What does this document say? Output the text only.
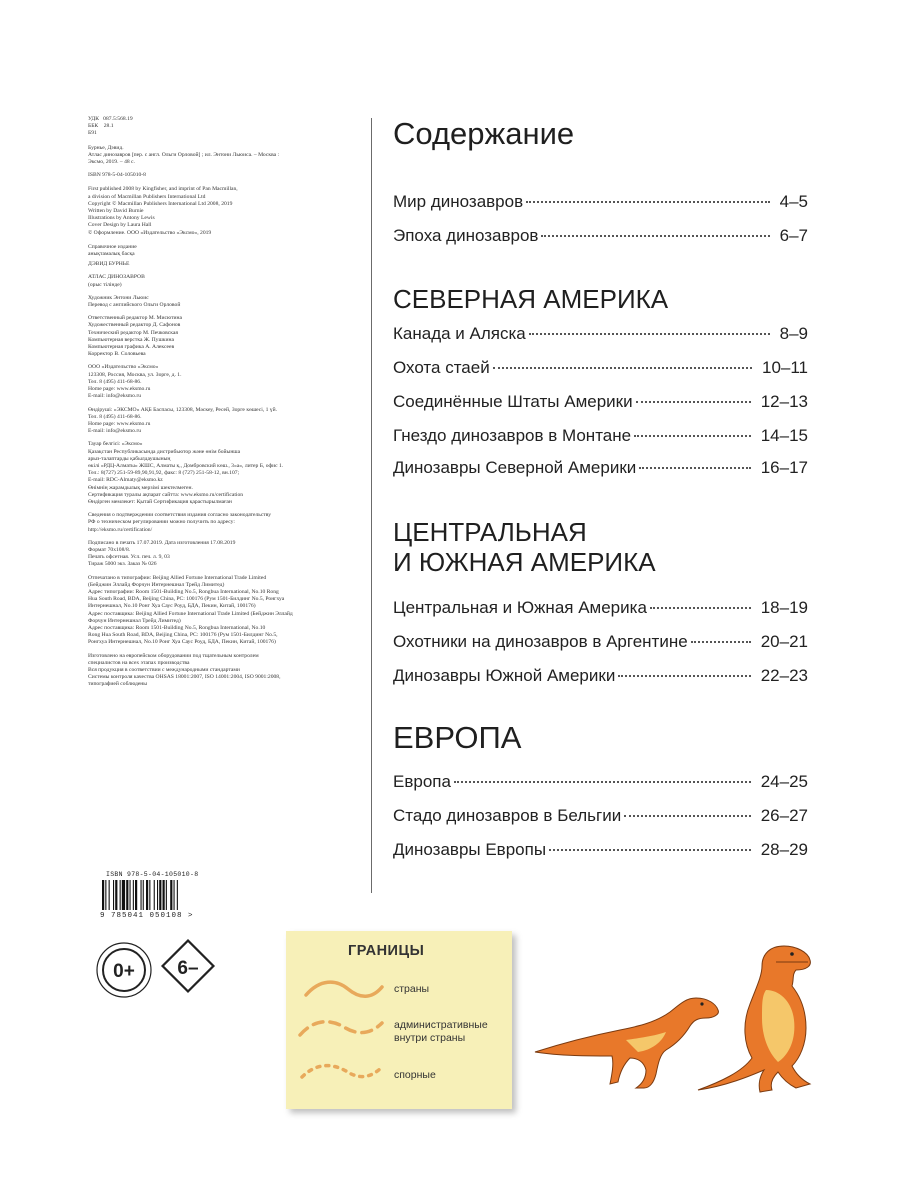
УДК 087.5:568.19
ББК 28.1
Б91
Бурнье, Дэвид.
Атлас динозавров [пер. с англ. Ольги Орловой] ; ил. Энтони Льюиса. – Москва :
Эксмо, 2019. – 48 с.
ISBN 978-5-04-105010-8
First published 2008 by Kingfisher, and imprint of Pan Macmillan,
a division of Macmillan Publishers International Ltd
Copyright © Macmillan Publishers International Ltd 2008, 2019
Written by David Burnie
Illustrations by Antony Lewis
Cover Design by Laura Hall
© Оформление. ООО «Издательство «Эксмо», 2019
Справочное издание
анықтамалық басқа
ДЭВИД БУРНЬЕ
АТЛАС ДИНОЗАВРОВ
(орыс тілінде)
Художник Энтони Льюис
Перевод с английского Ольги Орловой
Ответственный редактор М. Мисютина
Художественный редактор Д. Сафонов
Технический редактор М. Печковская
Компьютерная верстка Ж. Пушкина
Компьютерная графика А. Алексеев
Корректор В. Соловьева
ООО «Издательство «Эксмо»
123308, Россия, Москва, ул. Зорге, д. 1.
Тел. 8 (495) 411-68-86.
Home page: www.eksmo.ru
E-mail: info@eksmo.ru
Өндіруші: «ЭКСМО» АҚБ Баспасы, 123308, Мәскеу, Ресей, Зорге көшесі, 1 үй.
Тел. 8 (495) 411-68-86.
Home page: www.eksmo.ru
E-mail: info@eksmo.ru
Тауар белгісі: «Эксмо»
Қазақстан Республикасында дистрибьютор және өнім бойынша
арыз-талаптарды қабылдаушының
өкілі «РДЦ-Алматы» ЖШС, Алматы қ., Домбровский көш., 3«а», литер Б, офис 1.
Тел.: 8(727) 251-59-89,90,91,92, факс: 8 (727) 251-58-12, вн.107;
E-mail: RDC-Almaty@eksmo.kz
Өнімнің жарамдылық мерзімі шектелмеген.
Сертификация туралы ақпарат сайтта: www.eksmo.ru/certification
Өндірген мемлекет: Қытай Сертификация қарастырылмаған
Сведения о подтверждении соответствия издания согласно законодательству
РФ о техническом регулировании можно получить по адресу:
http://eksmo.ru/certification/
Подписано в печать 17.07.2019. Дата изготовления 17.08.2019
Формат 70х108/8.
Печать офсетная. Усл. печ. л. 9, 03
Тираж 5000 экз. Заказ № 026
Отпечатано в типографии: Beijing Allied Fortune International Trade Limited
(Бейджин Эллайд Форчун Интернешнал Трейд Лимитед)
Адрес типографии: Room 1501-Building No.5, Rongbua International, No.10 Rong
Hua South Road, BDA, Beijing China, PC: 100176 (Рум 1501-Билдинг No.5, Ронгхуа
Интернешнал, No.10 Ронг Хуа Саус Роуд, БДА, Пекин, Китай, 100176)
Адрес поставщика: Beijing Allied Fortune International Trade Limited (Бейджин Эллайд
Форчун Интернешнал Трейд Лимитед)
Адрес поставщика: Room 1501-Building No.5, Rongbua International, No.10
Rong Hua South Road, BDA, Beijing China, PC: 100176 (Рум 1501-Билдинг No.5,
Ронгхуа Интернешнал, No.10 Ронг Хуа Саус Роуд, БДА, Пекин, Китай, 100176)
Изготовлено на европейском оборудовании под тщательным контролем
специалистов на всех этапах производства
Вся продукция в соответствии с международными стандартами
Системы контроля качества OHSAS 18001:2007, ISO 14001:2004, ISO 9001:2008,
типографией соблюдены
ISBN 978-5-04-105010-8
9 785041 050108 >
0+ 6–
Содержание
Мир динозавров	4–5
Эпоха динозавров	6–7
СЕВЕРНАЯ АМЕРИКА
Канада и Аляска	8–9
Охота стаей	10–11
Соединённые Штаты Америки	12–13
Гнездо динозавров в Монтане	14–15
Динозавры Северной Америки	16–17
ЦЕНТРАЛЬНАЯ
И ЮЖНАЯ АМЕРИКА
Центральная и Южная Америка	18–19
Охотники на динозавров в Аргентине	20–21
Динозавры Южной Америки	22–23
ЕВРОПА
Европа	24–25
Стадо динозавров в Бельгии	26–27
Динозавры Европы	28–29
ГРАНИЦЫ
страны
административные
внутри страны
спорные
